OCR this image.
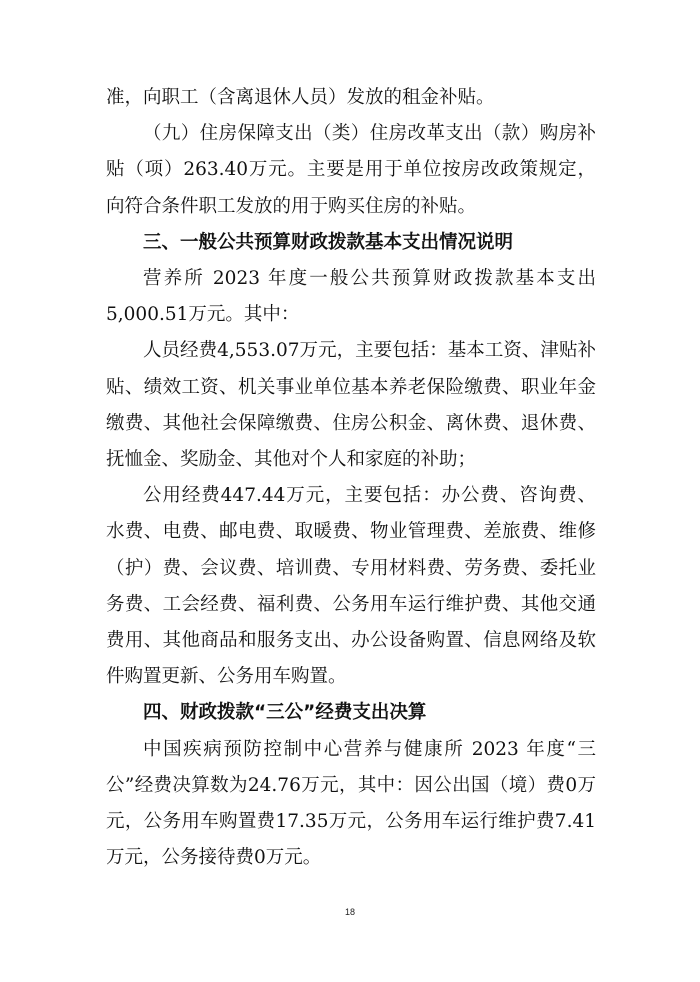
准，向职工（含离退休人员）发放的租金补贴。

（九）住房保障支出（类）住房改革支出（款）购房补贴（项）263.40万元。主要是用于单位按房改政策规定，向符合条件职工发放的用于购买住房的补贴。

三、一般公共预算财政拨款基本支出情况说明

营养所 2023 年度一般公共预算财政拨款基本支出5,000.51万元。其中：

人员经费4,553.07万元，主要包括：基本工资、津贴补贴、绩效工资、机关事业单位基本养老保险缴费、职业年金缴费、其他社会保障缴费、住房公积金、离休费、退休费、抚恤金、奖励金、其他对个人和家庭的补助；

公用经费447.44万元，主要包括：办公费、咨询费、水费、电费、邮电费、取暖费、物业管理费、差旅费、维修（护）费、会议费、培训费、专用材料费、劳务费、委托业务费、工会经费、福利费、公务用车运行维护费、其他交通费用、其他商品和服务支出、办公设备购置、信息网络及软件购置更新、公务用车购置。

四、财政拨款“三公”经费支出决算

中国疾病预防控制中心营养与健康所 2023 年度“三公”经费决算数为24.76万元，其中：因公出国（境）费0万元，公务用车购置费17.35万元，公务用车运行维护费7.41万元，公务接待费0万元。

18
